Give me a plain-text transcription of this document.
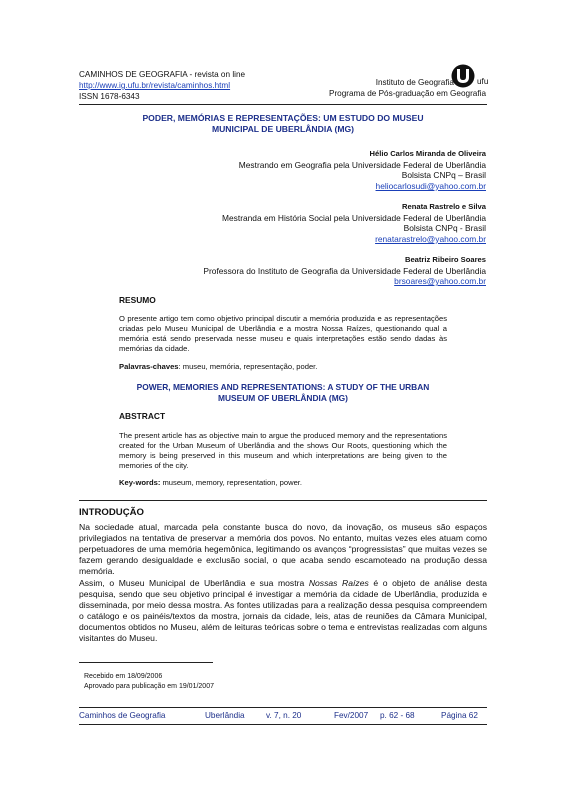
CAMINHOS DE GEOGRAFIA - revista on line
http://www.ig.ufu.br/revista/caminhos.html
ISSN 1678-6343
ufu
Instituto de Geografia
Programa de Pós-graduação em Geografia
PODER, MEMÓRIAS E REPRESENTAÇÕES: UM ESTUDO DO MUSEU
MUNICIPAL DE UBERLÂNDIA (MG)
Hélio Carlos Miranda de Oliveira
Mestrando em Geografia pela Universidade Federal de Uberlândia
Bolsista CNPq – Brasil
heliocarlosudi@yahoo.com.br
Renata Rastrelo e Silva
Mestranda em História Social pela Universidade Federal de Uberlândia
Bolsista CNPq - Brasil
renatarastrelo@yahoo.com.br
Beatriz Ribeiro Soares
Professora do Instituto de Geografia da Universidade Federal de Uberlândia
brsoares@yahoo.com.br
RESUMO
O presente artigo tem como objetivo principal discutir a memória produzida e as representações criadas pelo Museu Municipal de Uberlândia e a mostra Nossa Raízes, questionando qual a memória está sendo preservada nesse museu e quais interpretações estão sendo dadas às memórias da cidade.
Palavras-chaves: museu, memória, representação, poder.
POWER, MEMORIES AND REPRESENTATIONS: A STUDY OF THE URBAN
MUSEUM OF UBERLÂNDIA (MG)
ABSTRACT
The present article has as objective main to argue the produced memory and the representations created for the Urban Museum of Uberlândia and the shows Our Roots, questioning which the memory is being preserved in this museum and which interpretations are being given to the memories of the city.
Key-words: museum, memory, representation, power.
INTRODUÇÃO
Na sociedade atual, marcada pela constante busca do novo, da inovação, os museus são espaços privilegiados na tentativa de preservar a memória dos povos. No entanto, muitas vezes eles atuam como perpetuadores de uma memória hegemônica, legitimando os avanços “progressistas” que muitas vezes se fazem gerando desigualdade e exclusão social, o que acaba sendo escamoteado na produção dessa memória.
Assim, o Museu Municipal de Uberlândia e sua mostra Nossas Raízes é o objeto de análise desta pesquisa, sendo que seu objetivo principal é investigar a memória da cidade de Uberlândia, produzida e disseminada, por meio dessa mostra. As fontes utilizadas para a realização dessa pesquisa compreendem o catálogo e os painéis/textos da mostra, jornais da cidade, leis, atas de reuniões da Câmara Municipal, documentos obtidos no Museu, além de leituras teóricas sobre o tema e entrevistas realizadas com alguns visitantes do Museu.
Recebido em 18/09/2006
Aprovado para publicação em 19/01/2007
Caminhos de Geografia	Uberlândia	v. 7, n. 20	Fev/2007 p. 62 - 68	Página 62
